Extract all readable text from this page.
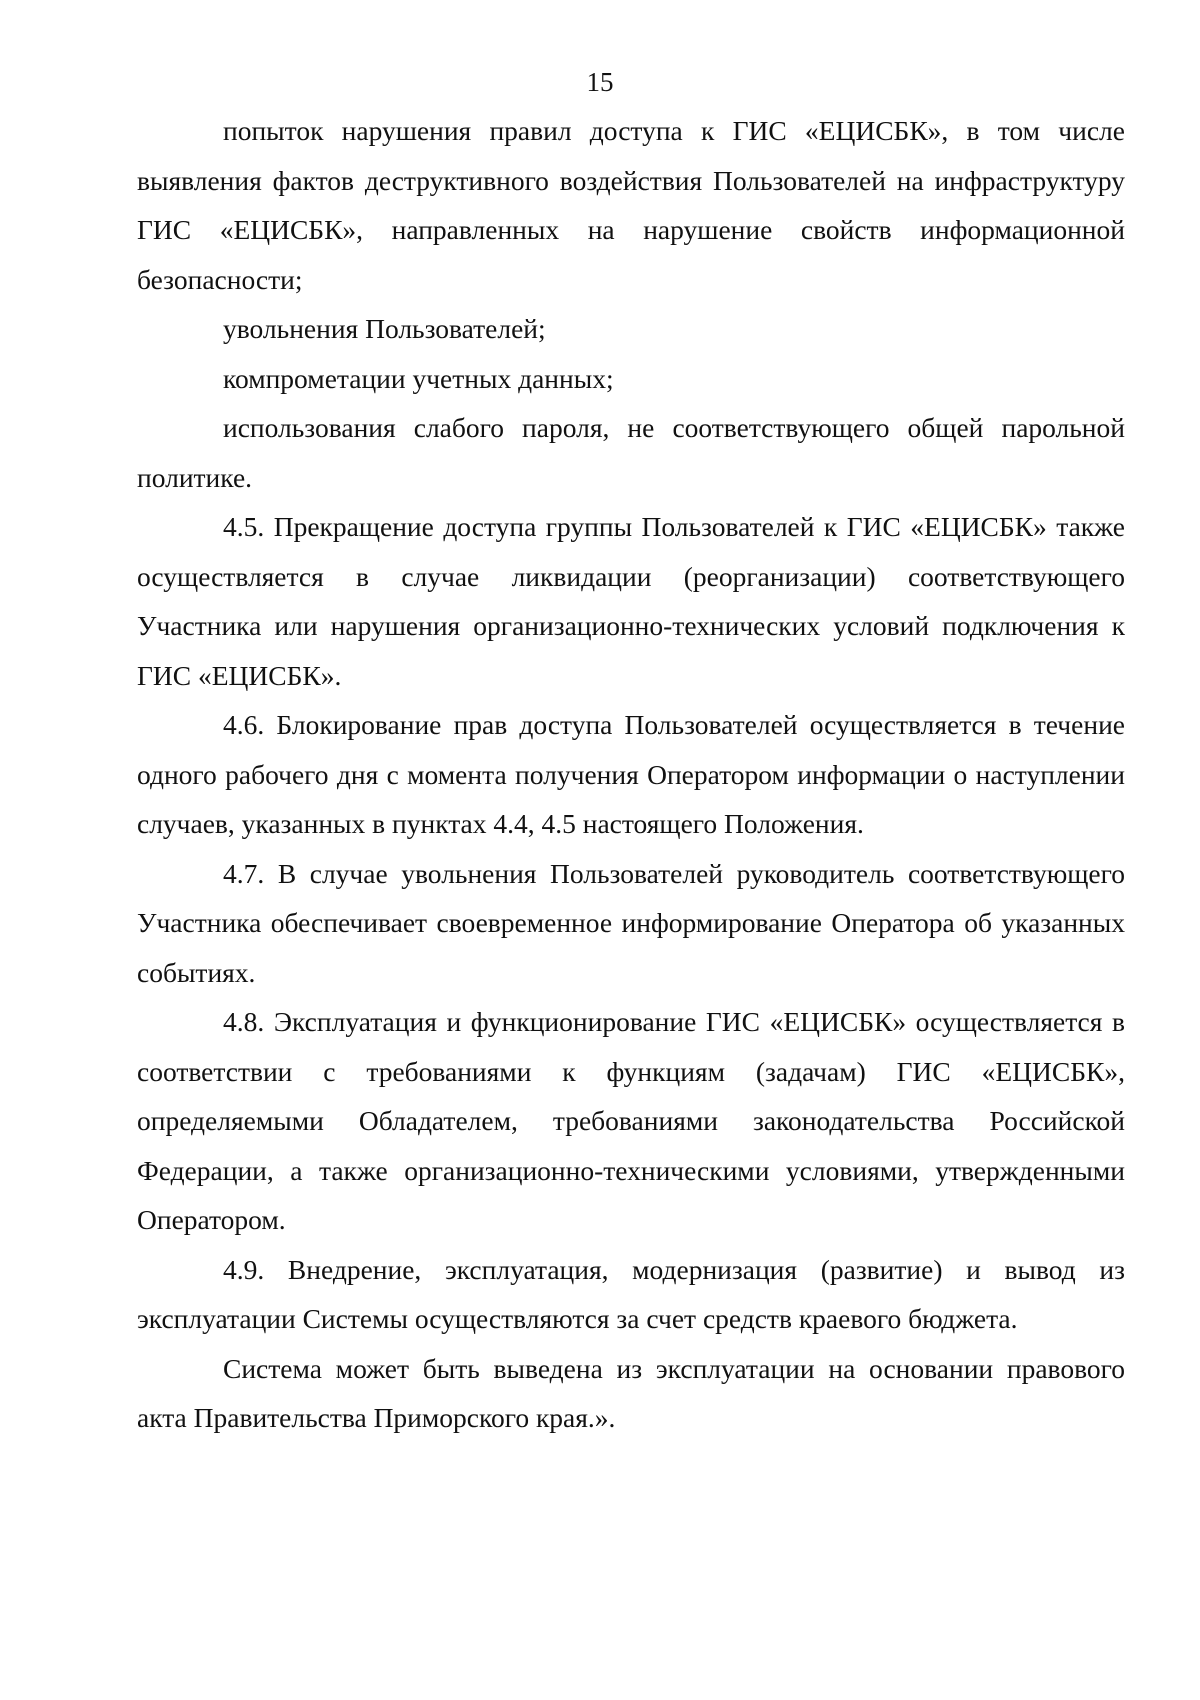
15

попыток нарушения правил доступа к ГИС «ЕЦИСБК», в том числе выявления фактов деструктивного воздействия Пользователей на инфраструктуру ГИС «ЕЦИСБК», направленных на нарушение свойств информационной безопасности;

увольнения Пользователей;

компрометации учетных данных;

использования слабого пароля, не соответствующего общей парольной политике.

4.5. Прекращение доступа группы Пользователей к ГИС «ЕЦИСБК» также осуществляется в случае ликвидации (реорганизации) соответствующего Участника или нарушения организационно-технических условий подключения к ГИС «ЕЦИСБК».

4.6. Блокирование прав доступа Пользователей осуществляется в течение одного рабочего дня с момента получения Оператором информации о наступлении случаев, указанных в пунктах 4.4, 4.5 настоящего Положения.

4.7. В случае увольнения Пользователей руководитель соответствующего Участника обеспечивает своевременное информирование Оператора об указанных событиях.

4.8. Эксплуатация и функционирование ГИС «ЕЦИСБК» осуществляется в соответствии с требованиями к функциям (задачам) ГИС «ЕЦИСБК», определяемыми Обладателем, требованиями законодательства Российской Федерации, а также организационно-техническими условиями, утвержденными Оператором.

4.9. Внедрение, эксплуатация, модернизация (развитие) и вывод из эксплуатации Системы осуществляются за счет средств краевого бюджета.

Система может быть выведена из эксплуатации на основании правового акта Правительства Приморского края.».
